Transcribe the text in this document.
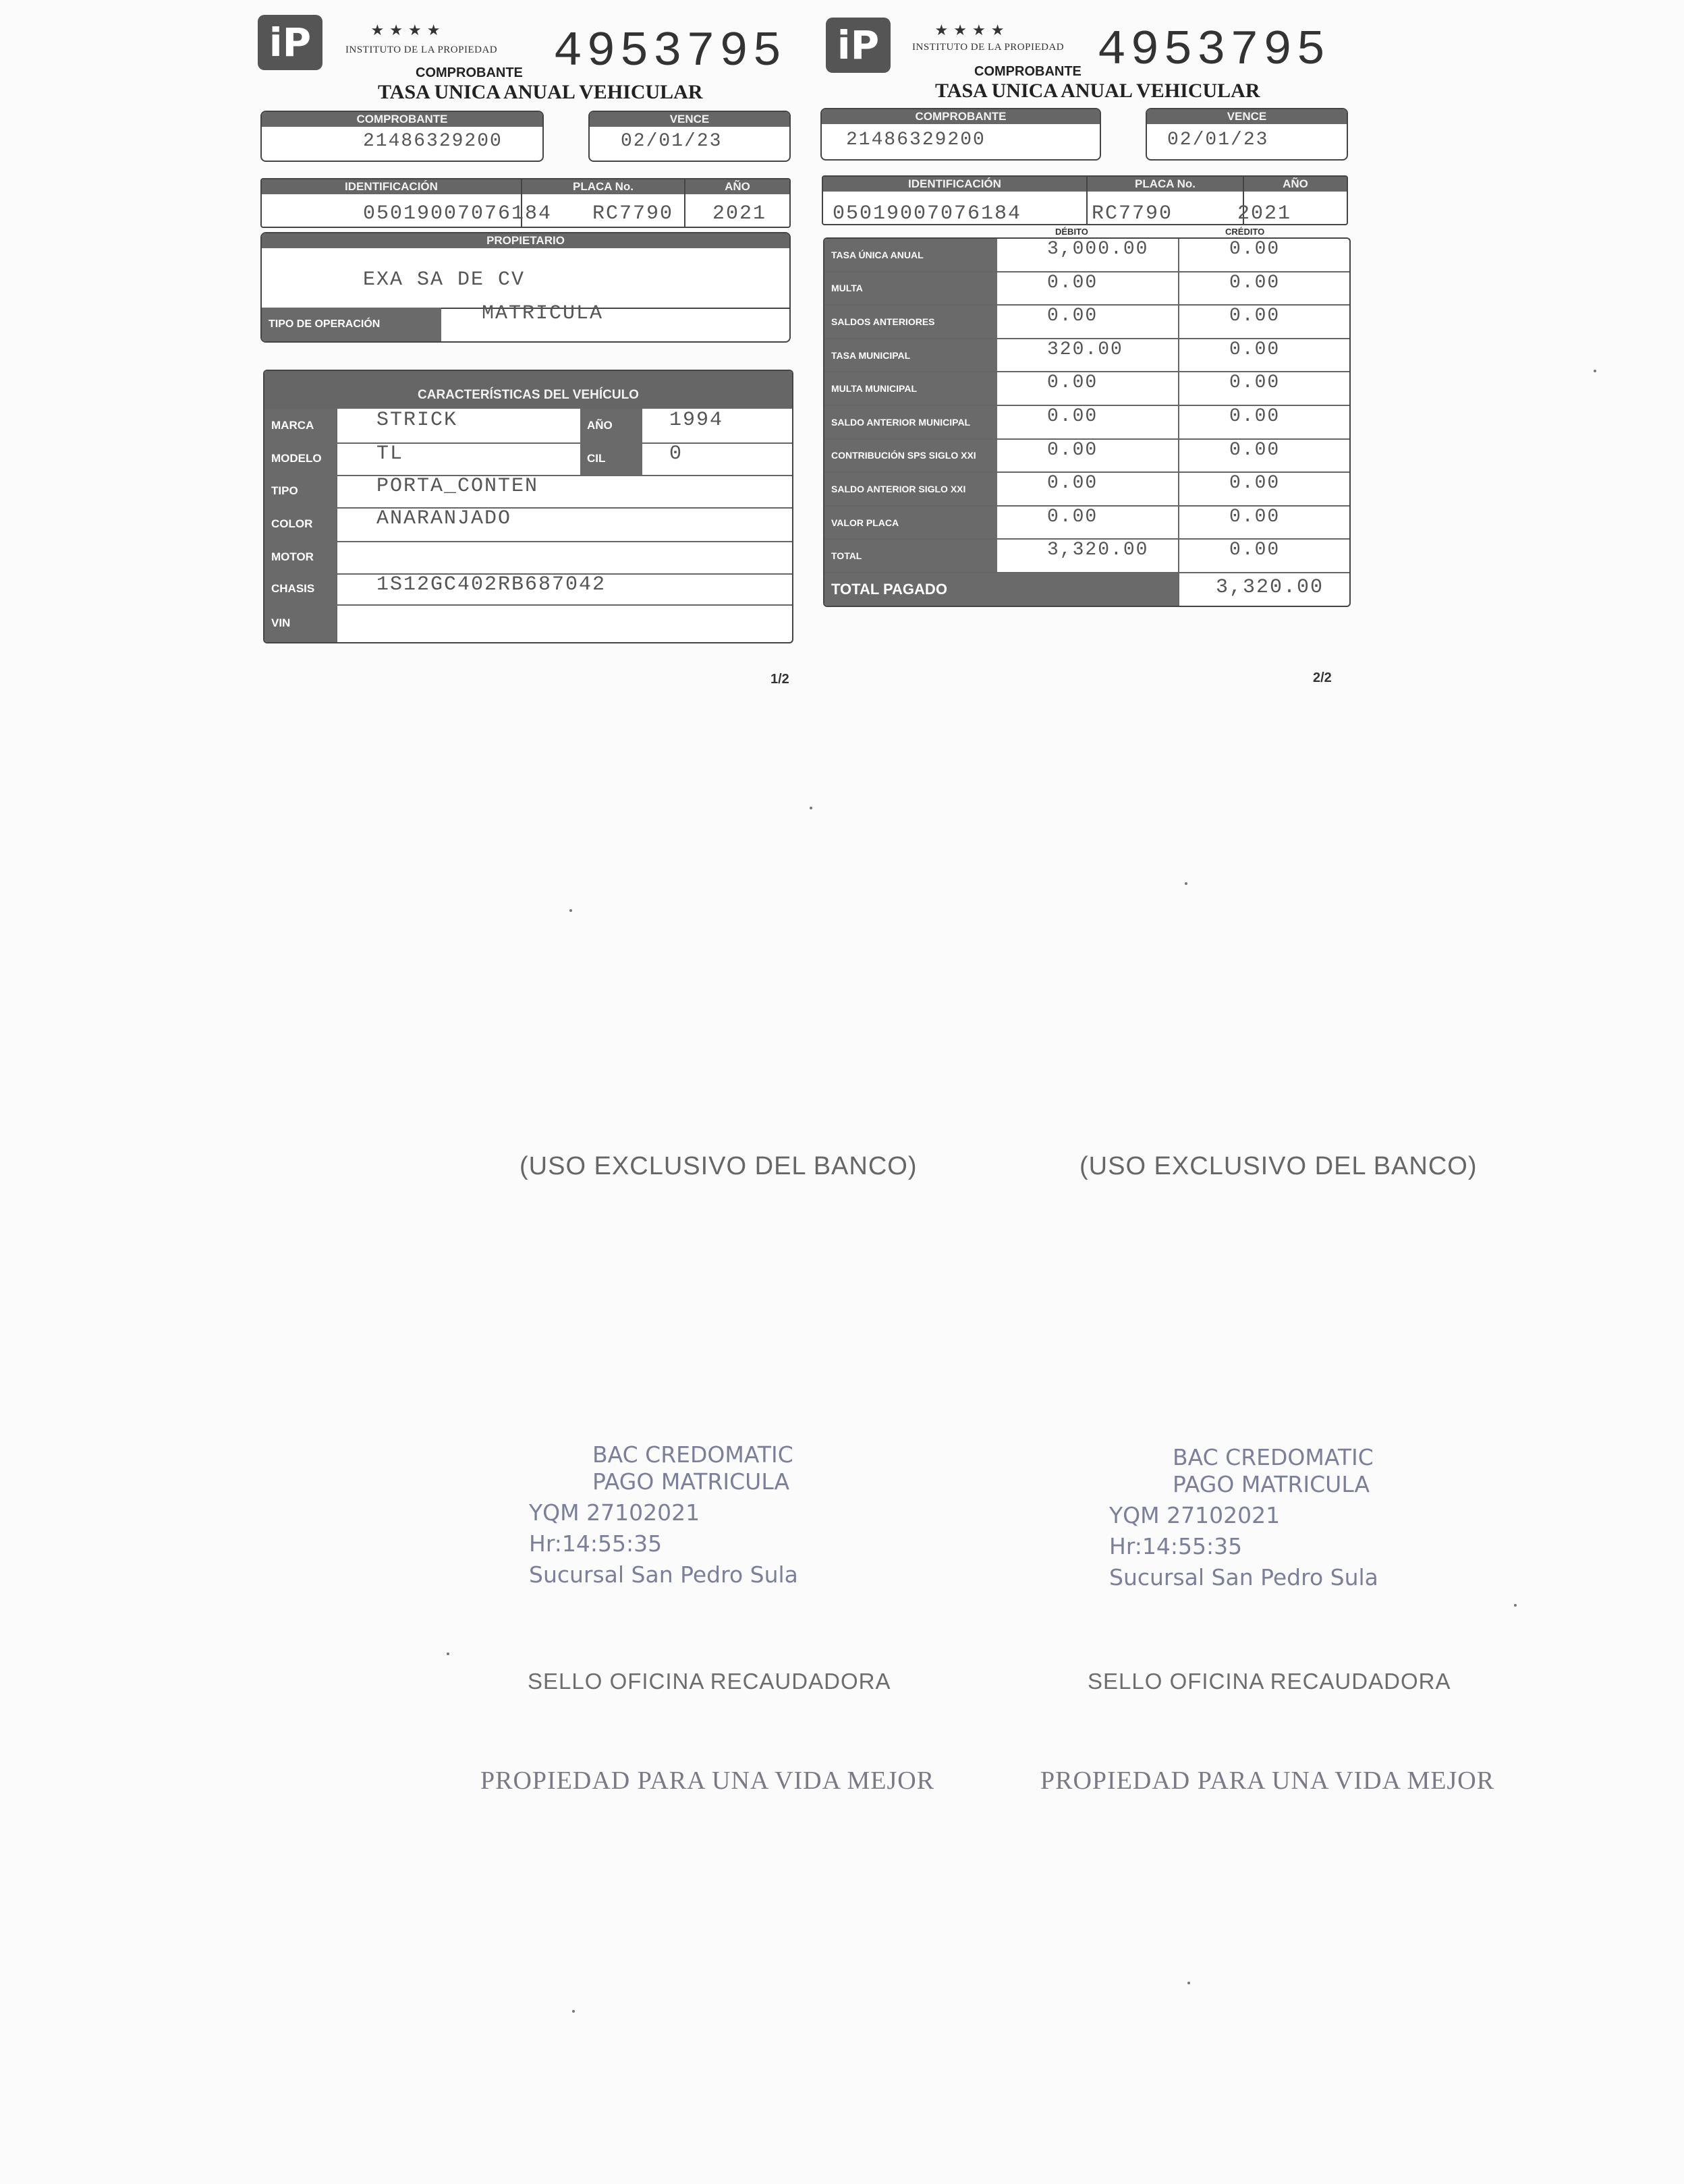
iP	★★★★
INSTITUTO DE LA PROPIEDAD 4953795
COMPROBANTE
TASA UNICA ANUAL VEHICULAR
COMPROBANTE
21486329200
VENCE
02/01/23
IDENTIFICACIÓN	PLACA No.	AÑO
05019007076184 RC7790 2021
PROPIETARIO
EXA SA DE CV
TIPO DE OPERACIÓN	MATRICULA
CARACTERÍSTICAS DEL VEHÍCULO
MARCA	STRICK	AÑO	1994
MODELO	TL	CIL	0
TIPO	PORTA_CONTEN
COLOR	ANARANJADO
MOTOR
CHASIS	1S12GC402RB687042
VIN
1/2
iP	★★★★
INSTITUTO DE LA PROPIEDAD 4953795
COMPROBANTE
TASA UNICA ANUAL VEHICULAR
COMPROBANTE
21486329200
VENCE
02/01/23
IDENTIFICACIÓN	PLACA No.	AÑO
05019007076184	RC7790	2021
DÉBITO	CRÉDITO
TASA ÚNICA ANUAL	3,000.00	0.00
MULTA	0.00	0.00
SALDOS ANTERIORES	0.00	0.00
TASA MUNICIPAL	320.00	0.00
MULTA MUNICIPAL	0.00	0.00
SALDO ANTERIOR MUNICIPAL	0.00	0.00
CONTRIBUCIÓN SPS SIGLO XXI	0.00	0.00
SALDO ANTERIOR SIGLO XXI	0.00	0.00
VALOR PLACA	0.00	0.00
TOTAL	3,320.00	0.00
TOTAL PAGADO	3,320.00
2/2
(USO EXCLUSIVO DEL BANCO)	(USO EXCLUSIVO DEL BANCO)
BAC CREDOMATIC
PAGO MATRICULA
YQM 27102021
Hr:14:55:35
Sucursal San Pedro Sula
BAC CREDOMATIC
PAGO MATRICULA
YQM 27102021
Hr:14:55:35
Sucursal San Pedro Sula
SELLO OFICINA RECAUDADORA	SELLO OFICINA RECAUDADORA
PROPIEDAD PARA UNA VIDA MEJOR	PROPIEDAD PARA UNA VIDA MEJOR
